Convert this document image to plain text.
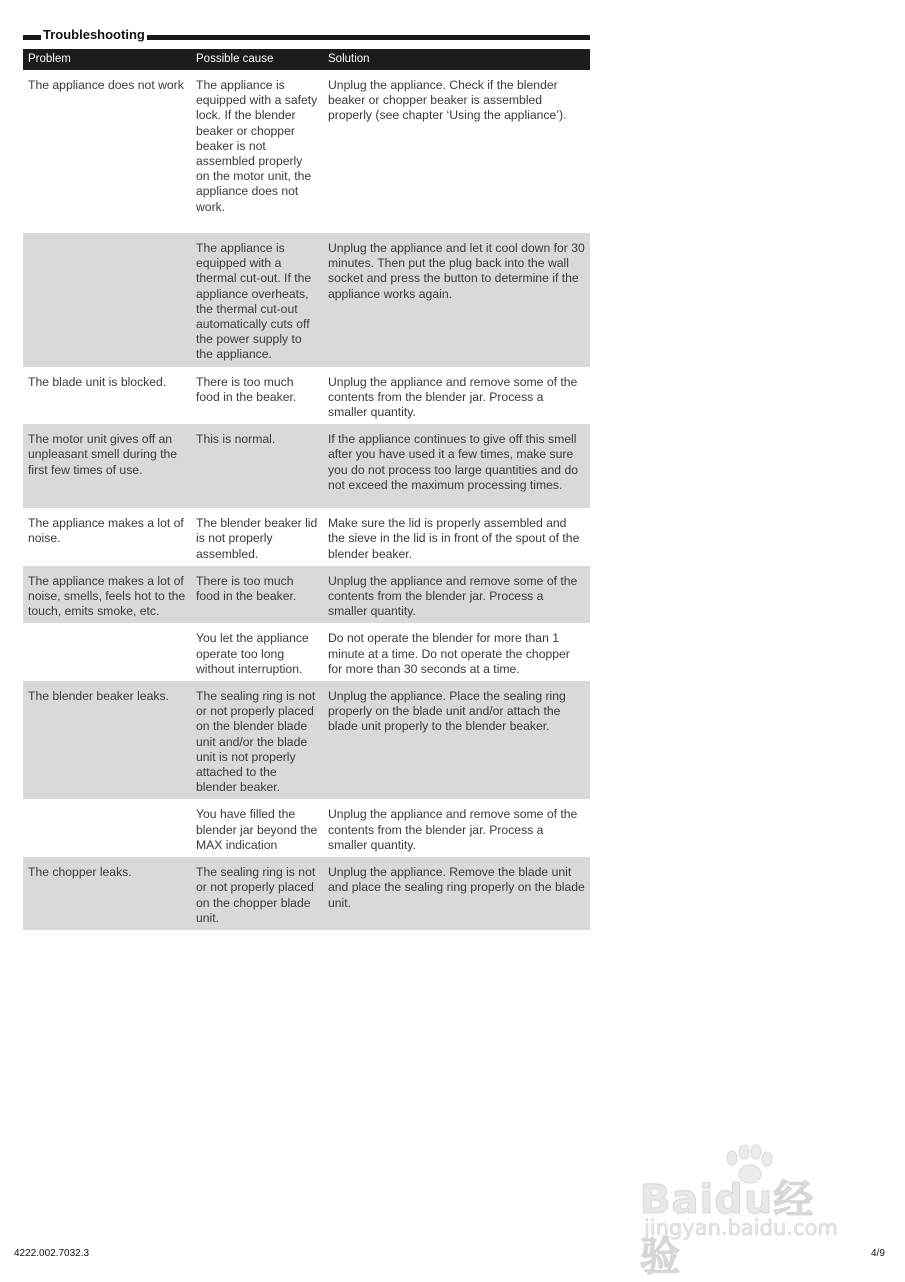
Troubleshooting
Problem	Possible cause	Solution
The appliance does not work	The appliance is equipped with a safety lock. If the blender beaker or chopper beaker is not assembled properly on the motor unit, the appliance does not work.	Unplug the appliance. Check if the blender beaker or chopper beaker is assembled properly (see chapter ‘Using the appliance’).
	The appliance is equipped with a thermal cut-out. If the appliance overheats, the thermal cut-out automatically cuts off the power supply to the appliance.	Unplug the appliance and let it cool down for 30 minutes. Then put the plug back into the wall socket and press the button to determine if the appliance works again.
The blade unit is blocked.	There is too much food in the beaker.	Unplug the appliance and remove some of the contents from the blender jar. Process a smaller quantity.
The motor unit gives off an unpleasant smell during the first few times of use.	This is normal.	If the appliance continues to give off this smell after you have used it a few times, make sure you do not process too large quantities and do not exceed the maximum processing times.
The appliance makes a lot of noise.	The blender beaker lid is not properly assembled.	Make sure the lid is properly assembled and the sieve in the lid is in front of the spout of the blender beaker.
The appliance makes a lot of noise, smells, feels hot to the touch, emits smoke, etc.	There is too much food in the beaker.	Unplug the appliance and remove some of the contents from the blender jar. Process a smaller quantity.
	You let the appliance operate too long without interruption.	Do not operate the blender for more than 1 minute at a time. Do not operate the chopper for more than 30 seconds at a time.
The blender beaker leaks.	The sealing ring is not or not properly placed on the blender blade unit and/or the blade unit is not properly attached to the blender beaker.	Unplug the appliance. Place the sealing ring properly on the blade unit and/or attach the blade unit properly to the blender beaker.
	You have filled the blender jar beyond the MAX indication	Unplug the appliance and remove some of the contents from the blender jar. Process a smaller quantity.
The chopper leaks.	The sealing ring is not or not properly placed on the chopper blade unit.	Unplug the appliance. Remove the blade unit and place the sealing ring properly on the blade unit.
Baidu经验
jingyan.baidu.com
4222.002.7032.3	4/9
